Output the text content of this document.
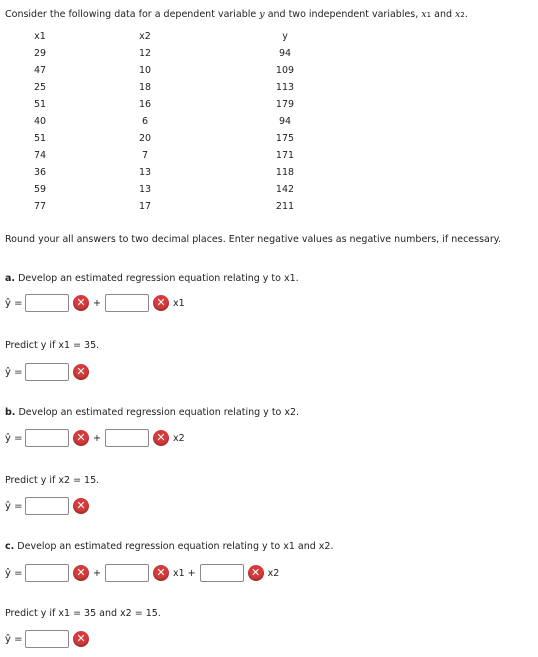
Consider the following data for a dependent variable y and two independent variables, x1 and x2.
x1	x2	y
29	12	94
47	10	109
25	18	113
51	16	179
40	6	94
51	20	175
74	7	171
36	13	118
59	13	142
77	17	211
Round your all answers to two decimal places. Enter negative values as negative numbers, if necessary.
a. Develop an estimated regression equation relating y to x1.
ŷ =	✕ +	✕ x1
Predict y if x1 = 35.
ŷ =	✕
b. Develop an estimated regression equation relating y to x2.
ŷ =	✕ +	✕ x2
Predict y if x2 = 15.
ŷ =	✕
c. Develop an estimated regression equation relating y to x1 and x2.
ŷ =	✕ +	✕ x1 +	✕ x2
Predict y if x1 = 35 and x2 = 15.
ŷ =	✕
